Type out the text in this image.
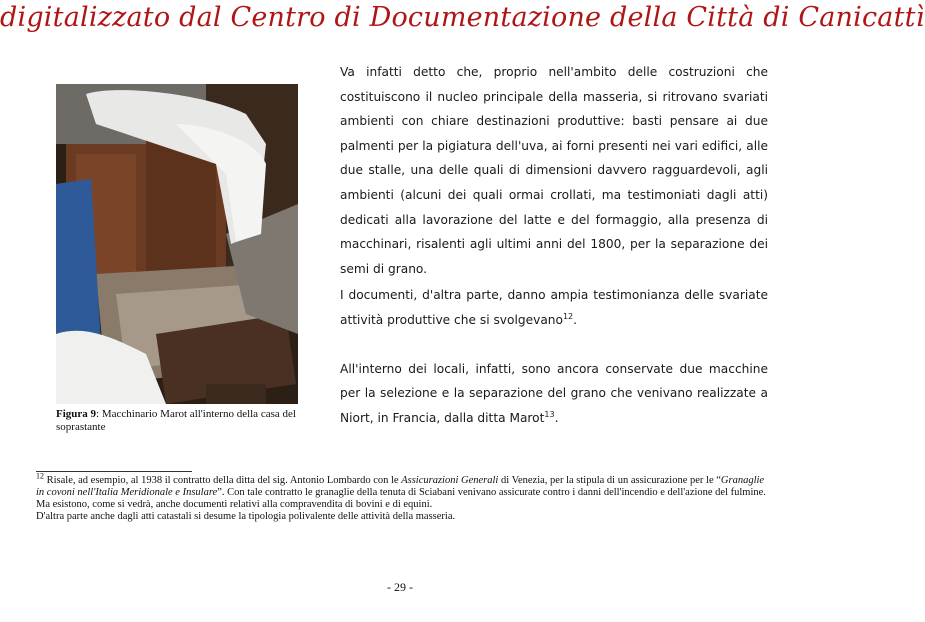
digitalizzato dal Centro di Documentazione della Città di Canicattì
Figura 9: Macchinario Marot all'interno della casa del soprastante

Va infatti detto che, proprio nell'ambito delle costruzioni che costituiscono il nucleo principale della masseria, si ritrovano svariati ambienti con chiare destinazioni produttive: basti pensare ai due palmenti per la pigiatura dell'uva, ai forni presenti nei vari edifici, alle due stalle, una delle quali di dimensioni davvero ragguardevoli, agli ambienti (alcuni dei quali ormai crollati, ma testimoniati dagli atti) dedicati alla lavorazione del latte e del formaggio, alla presenza di macchinari, risalenti agli ultimi anni del 1800, per la separazione dei semi di grano.

I documenti, d'altra parte, danno ampia testimonianza delle svariate attività produttive che si svolgevano$^{12}$.

All'interno dei locali, infatti, sono ancora conservate due macchine per la selezione e la separazione del grano che venivano realizzate a Niort, in Francia, dalla ditta Marot$^{13}$.

$^{12}$ Risale, ad esempio, al 1938 il contratto della ditta del sig. Antonio Lombardo con le Assicurazioni Generali di Venezia, per la stipula di un assicurazione per le “Granaglie in covoni nell'Italia Meridionale e Insulare”. Con tale contratto le granaglie della tenuta di Sciabani venivano assicurate contro i danni dell'incendio e dell'azione del fulmine.
Ma esistono, come si vedrà, anche documenti relativi alla compravendita di bovini e di equini.
D'altra parte anche dagli atti catastali si desume la tipologia polivalente delle attività della masseria.
- 29 -
